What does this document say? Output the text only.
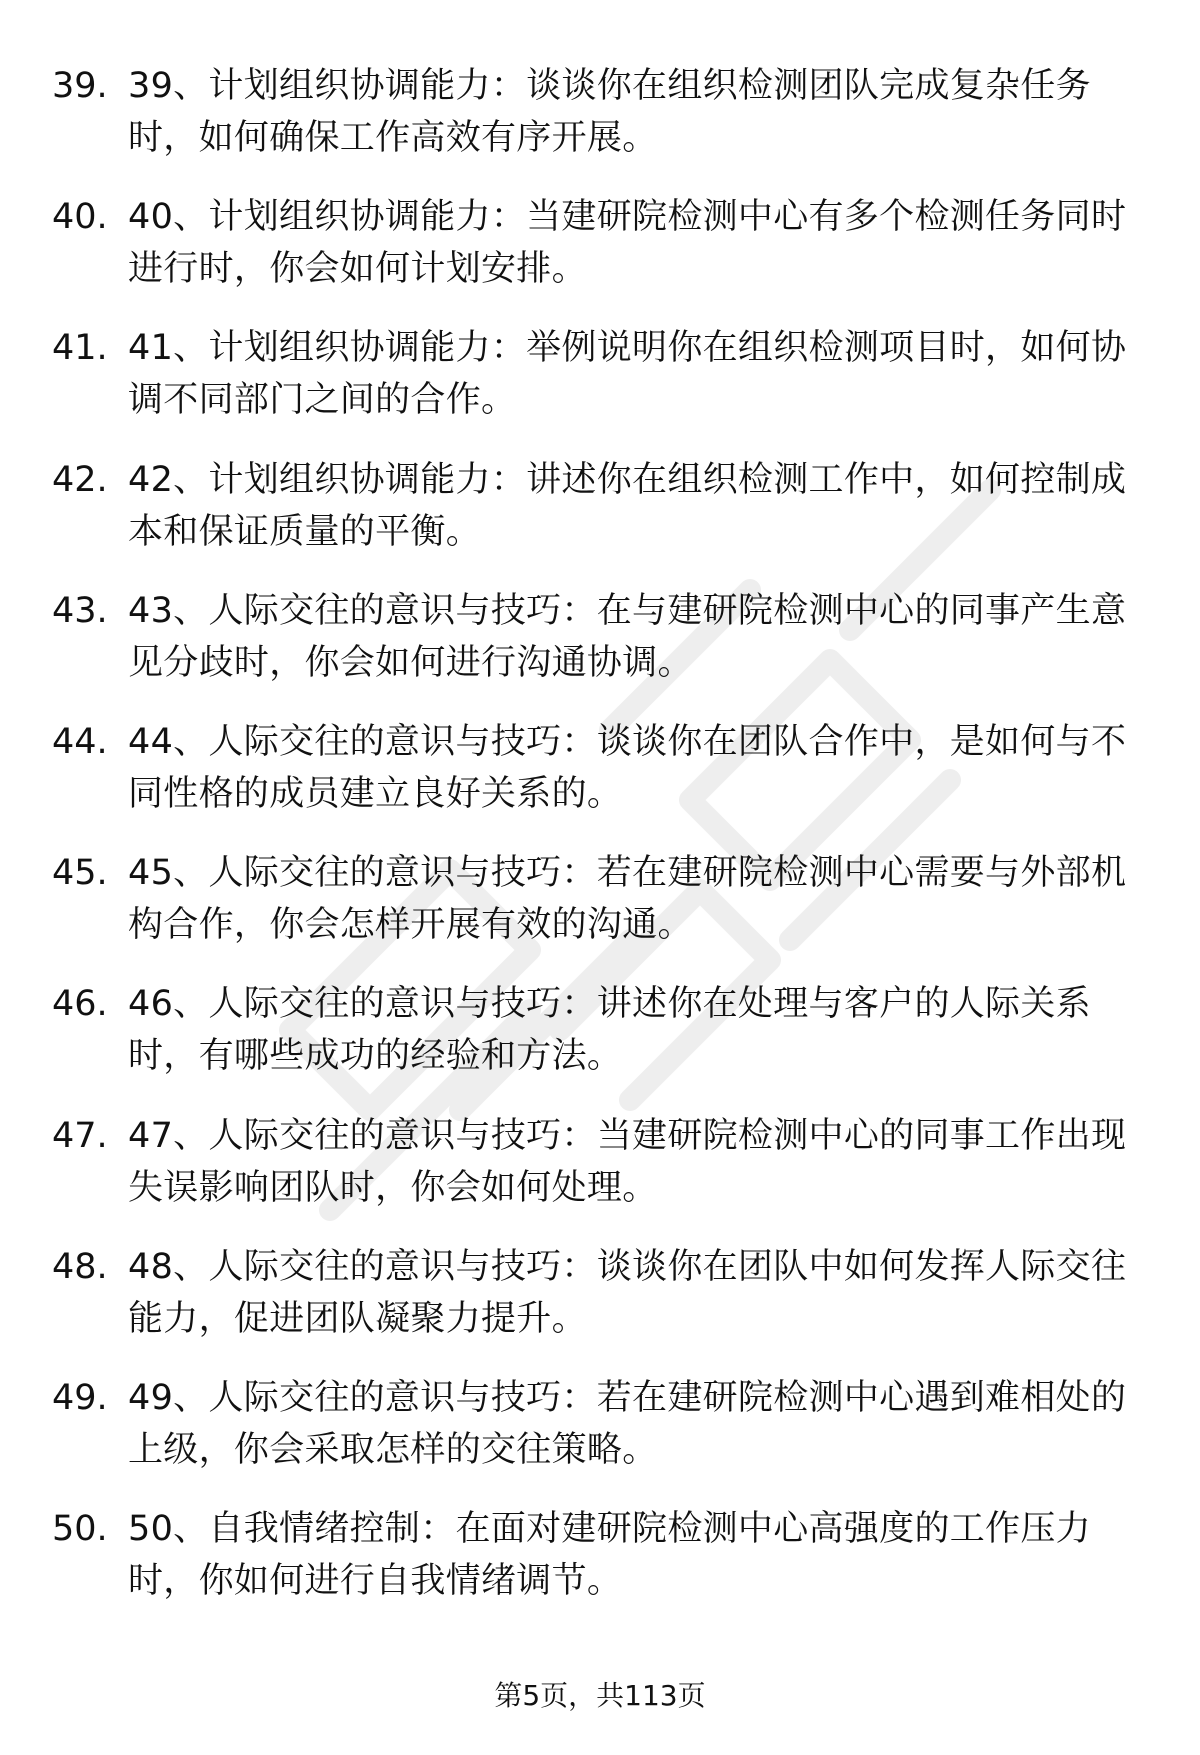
39. 39、计划组织协调能力：谈谈你在组织检测团队完成复杂任务时，如何确保工作高效有序开展。
40. 40、计划组织协调能力：当建研院检测中心有多个检测任务同时进行时，你会如何计划安排。
41. 41、计划组织协调能力：举例说明你在组织检测项目时，如何协调不同部门之间的合作。
42. 42、计划组织协调能力：讲述你在组织检测工作中，如何控制成本和保证质量的平衡。
43. 43、人际交往的意识与技巧：在与建研院检测中心的同事产生意见分歧时，你会如何进行沟通协调。
44. 44、人际交往的意识与技巧：谈谈你在团队合作中，是如何与不同性格的成员建立良好关系的。
45. 45、人际交往的意识与技巧：若在建研院检测中心需要与外部机构合作，你会怎样开展有效的沟通。
46. 46、人际交往的意识与技巧：讲述你在处理与客户的人际关系时，有哪些成功的经验和方法。
47. 47、人际交往的意识与技巧：当建研院检测中心的同事工作出现失误影响团队时，你会如何处理。
48. 48、人际交往的意识与技巧：谈谈你在团队中如何发挥人际交往能力，促进团队凝聚力提升。
49. 49、人际交往的意识与技巧：若在建研院检测中心遇到难相处的上级，你会采取怎样的交往策略。
50. 50、自我情绪控制：在面对建研院检测中心高强度的工作压力时，你如何进行自我情绪调节。
第5页，共113页
